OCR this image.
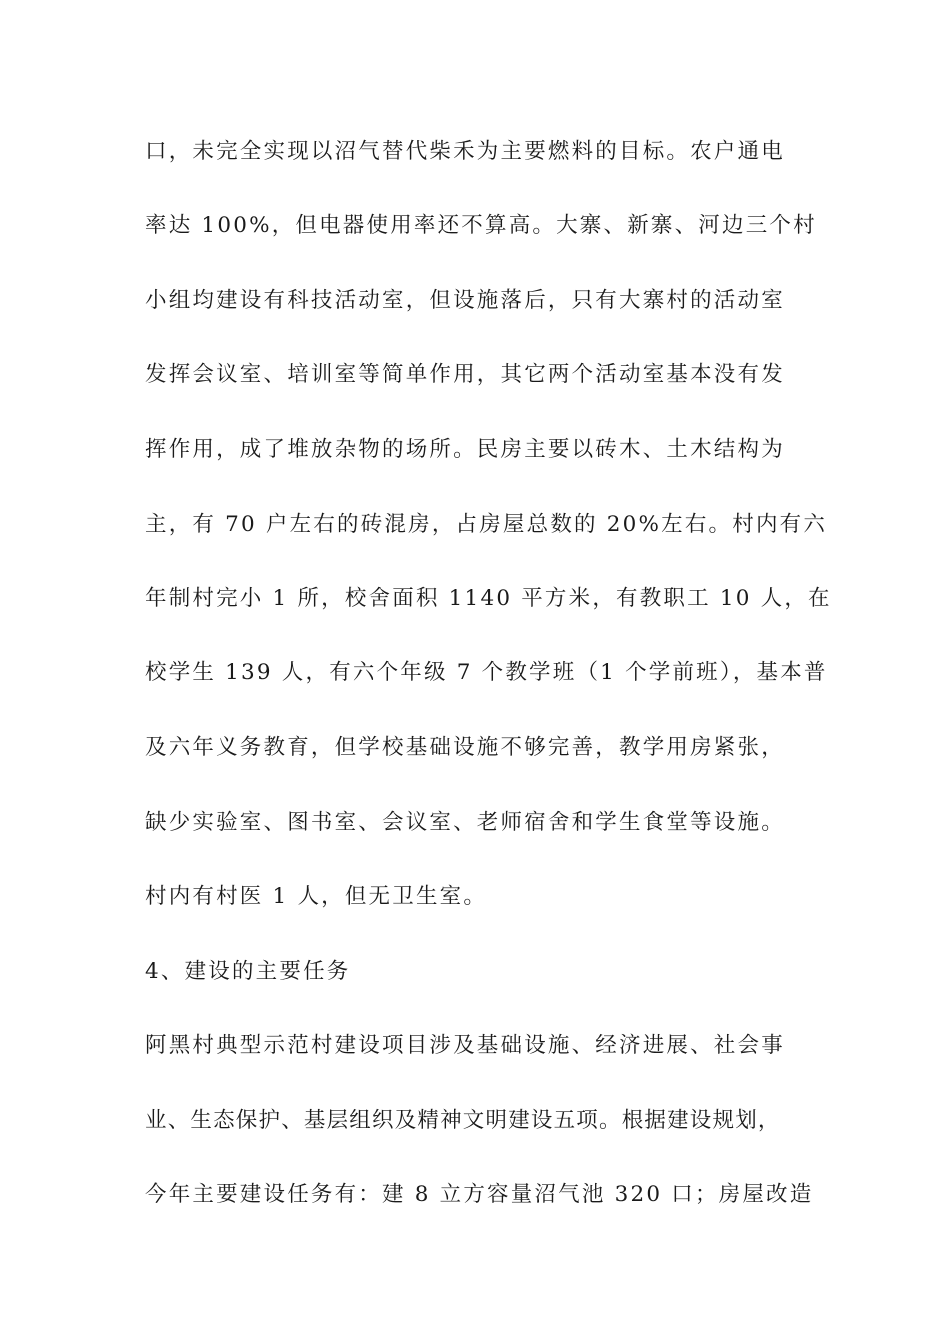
口，未完全实现以沼气替代柴禾为主要燃料的目标。农户通电
率达 100%，但电器使用率还不算高。大寨、新寨、河边三个村
小组均建设有科技活动室，但设施落后，只有大寨村的活动室
发挥会议室、培训室等简单作用，其它两个活动室基本没有发
挥作用，成了堆放杂物的场所。民房主要以砖木、土木结构为
主，有 70 户左右的砖混房，占房屋总数的 20%左右。村内有六
年制村完小 1 所，校舍面积 1140 平方米，有教职工 10 人，在
校学生 139 人，有六个年级 7 个教学班（1 个学前班），基本普
及六年义务教育，但学校基础设施不够完善，教学用房紧张，
缺少实验室、图书室、会议室、老师宿舍和学生食堂等设施。
村内有村医 1 人，但无卫生室。
4、建设的主要任务
阿黑村典型示范村建设项目涉及基础设施、经济进展、社会事
业、生态保护、基层组织及精神文明建设五项。根据建设规划，
今年主要建设任务有：建 8 立方容量沼气池 320 口；房屋改造
